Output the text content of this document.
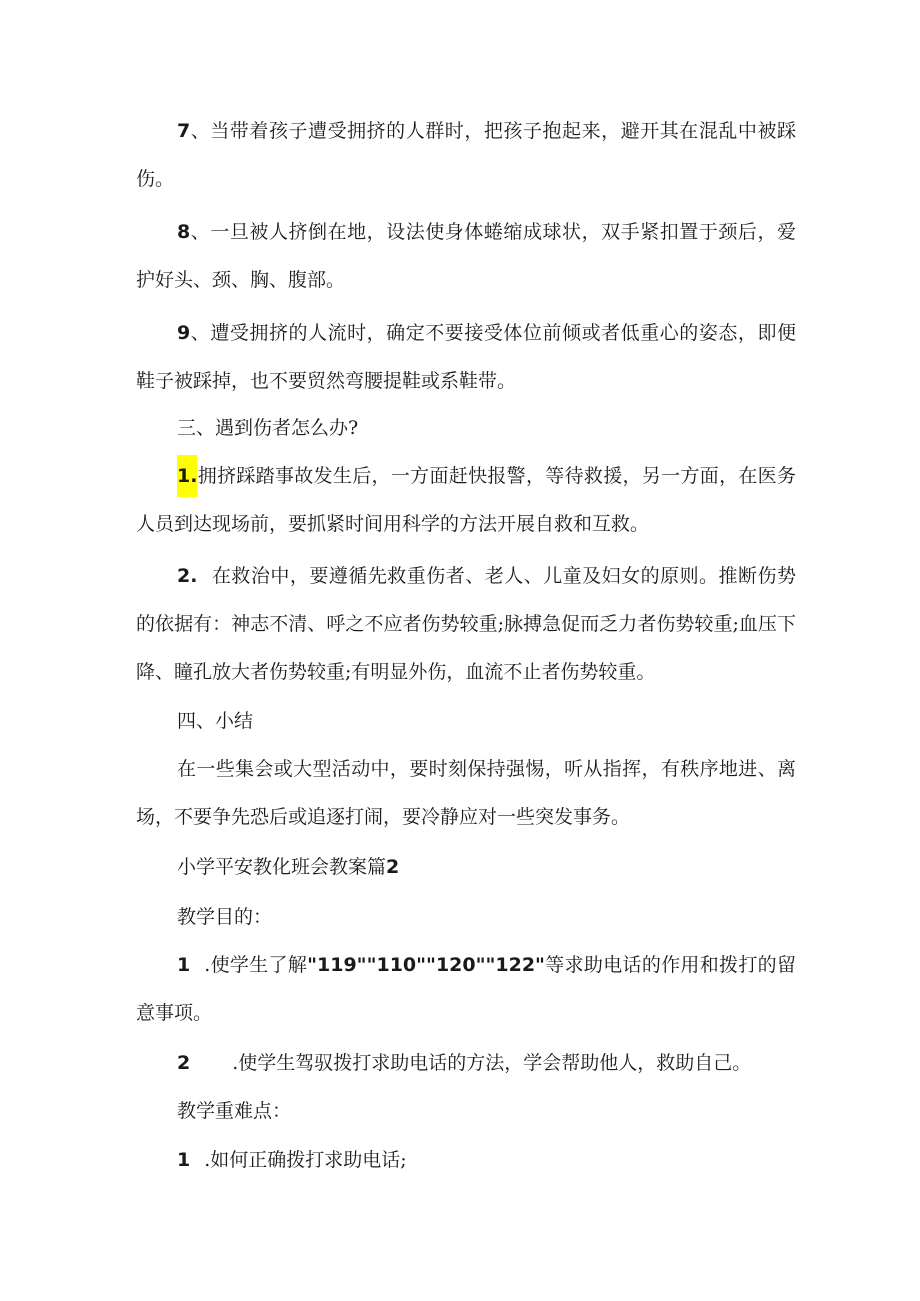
7、当带着孩子遭受拥挤的人群时，把孩子抱起来，避开其在混乱中被踩伤。

8、一旦被人挤倒在地，设法使身体蜷缩成球状，双手紧扣置于颈后，爱护好头、颈、胸、腹部。

9、遭受拥挤的人流时，确定不要接受体位前倾或者低重心的姿态，即便鞋子被踩掉，也不要贸然弯腰提鞋或系鞋带。

三、遇到伤者怎么办?

1.拥挤踩踏事故发生后，一方面赶快报警，等待救援，另一方面，在医务人员到达现场前，要抓紧时间用科学的方法开展自救和互救。

2. 在救治中，要遵循先救重伤者、老人、儿童及妇女的原则。推断伤势的依据有：神志不清、呼之不应者伤势较重;脉搏急促而乏力者伤势较重;血压下降、瞳孔放大者伤势较重;有明显外伤，血流不止者伤势较重。

四、小结

在一些集会或大型活动中，要时刻保持强惕，听从指挥，有秩序地进、离场，不要争先恐后或追逐打闹，要冷静应对一些突发事务。

小学平安教化班会教案篇2

教学目的：

1 .使学生了解"119""110""120""122"等求助电话的作用和拨打的留意事项。

2 .使学生驾驭拨打求助电话的方法，学会帮助他人，救助自己。

教学重难点：

1 .如何正确拨打求助电话;
